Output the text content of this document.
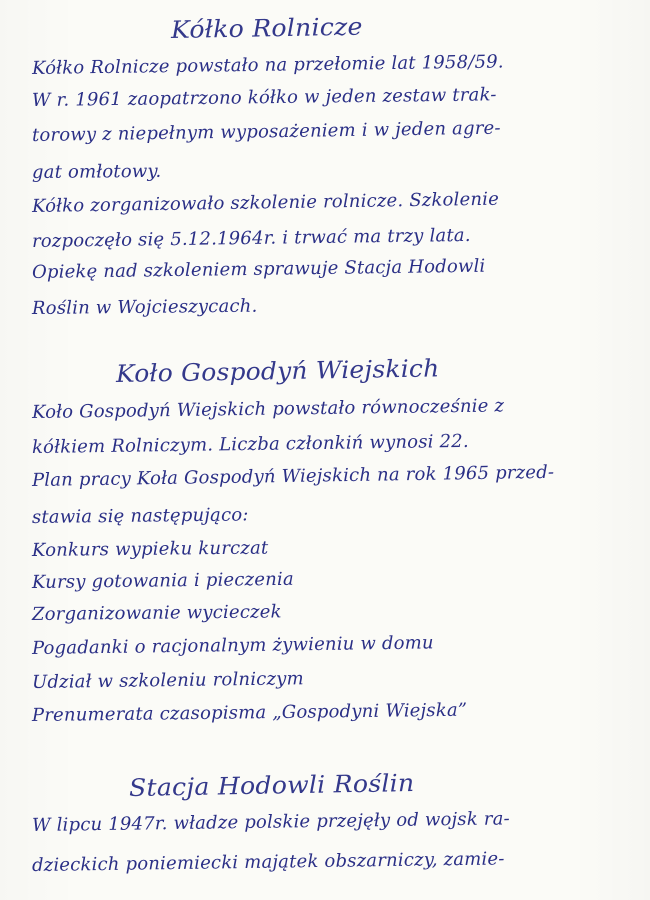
Kółko Rolnicze
Kółko Rolnicze powstało na przełomie lat 1958/59.
W r. 1961 zaopatrzono kółko w jeden zestaw trak-
torowy z niepełnym wyposażeniem i w jeden agre-
gat omłotowy.
Kółko zorganizowało szkolenie rolnicze. Szkolenie
rozpoczęło się 5.12.1964r. i trwać ma trzy lata.
Opiekę nad szkoleniem sprawuje Stacja Hodowli
Roślin w Wojcieszycach.
Koło Gospodyń Wiejskich
Koło Gospodyń Wiejskich powstało równocześnie z
kółkiem Rolniczym. Liczba członkiń wynosi 22.
Plan pracy Koła Gospodyń Wiejskich na rok 1965 przed-
stawia się następująco:
Konkurs wypieku kurczat
Kursy gotowania i pieczenia
Zorganizowanie wycieczek
Pogadanki o racjonalnym żywieniu w domu
Udział w szkoleniu rolniczym
Prenumerata czasopisma „Gospodyni Wiejska”
Stacja Hodowli Roślin
W lipcu 1947r. władze polskie przejęły od wojsk ra-
dzieckich poniemiecki majątek obszarniczy, zamie-
